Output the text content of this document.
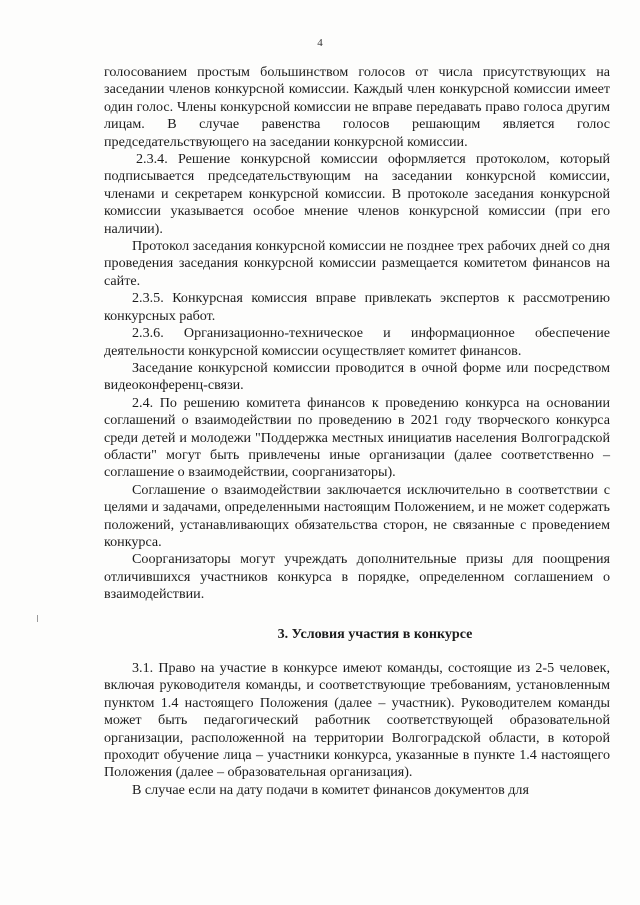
4

голосованием простым большинством голосов от числа присутствующих на заседании членов конкурсной комиссии. Каждый член конкурсной комиссии имеет один голос. Члены конкурсной комиссии не вправе передавать право голоса другим лицам. В случае равенства голосов решающим является голос председательствующего на заседании конкурсной комиссии.

2.3.4. Решение конкурсной комиссии оформляется протоколом, который подписывается председательствующим на заседании конкурсной комиссии, членами и секретарем конкурсной комиссии. В протоколе заседания конкурсной комиссии указывается особое мнение членов конкурсной комиссии (при его наличии).

Протокол заседания конкурсной комиссии не позднее трех рабочих дней со дня проведения заседания конкурсной комиссии размещается комитетом финансов на сайте.

2.3.5. Конкурсная комиссия вправе привлекать экспертов к рассмотрению конкурсных работ.

2.3.6. Организационно-техническое и информационное обеспечение деятельности конкурсной комиссии осуществляет комитет финансов.

Заседание конкурсной комиссии проводится в очной форме или посредством видеоконференц-связи.

2.4. По решению комитета финансов к проведению конкурса на основании соглашений о взаимодействии по проведению в 2021 году творческого конкурса среди детей и молодежи "Поддержка местных инициатив населения Волгоградской области" могут быть привлечены иные организации (далее соответственно – соглашение о взаимодействии, соорганизаторы).

Соглашение о взаимодействии заключается исключительно в соответствии с целями и задачами, определенными настоящим Положением, и не может содержать положений, устанавливающих обязательства сторон, не связанные с проведением конкурса.

Соорганизаторы могут учреждать дополнительные призы для поощрения отличившихся участников конкурса в порядке, определенном соглашением о взаимодействии.

3. Условия участия в конкурсе

3.1. Право на участие в конкурсе имеют команды, состоящие из 2-5 человек, включая руководителя команды, и соответствующие требованиям, установленным пунктом 1.4 настоящего Положения (далее – участник). Руководителем команды может быть педагогический работник соответствующей образовательной организации, расположенной на территории Волгоградской области, в которой проходит обучение лица – участники конкурса, указанные в пункте 1.4 настоящего Положения (далее – образовательная организация).

В случае если на дату подачи в комитет финансов документов для
